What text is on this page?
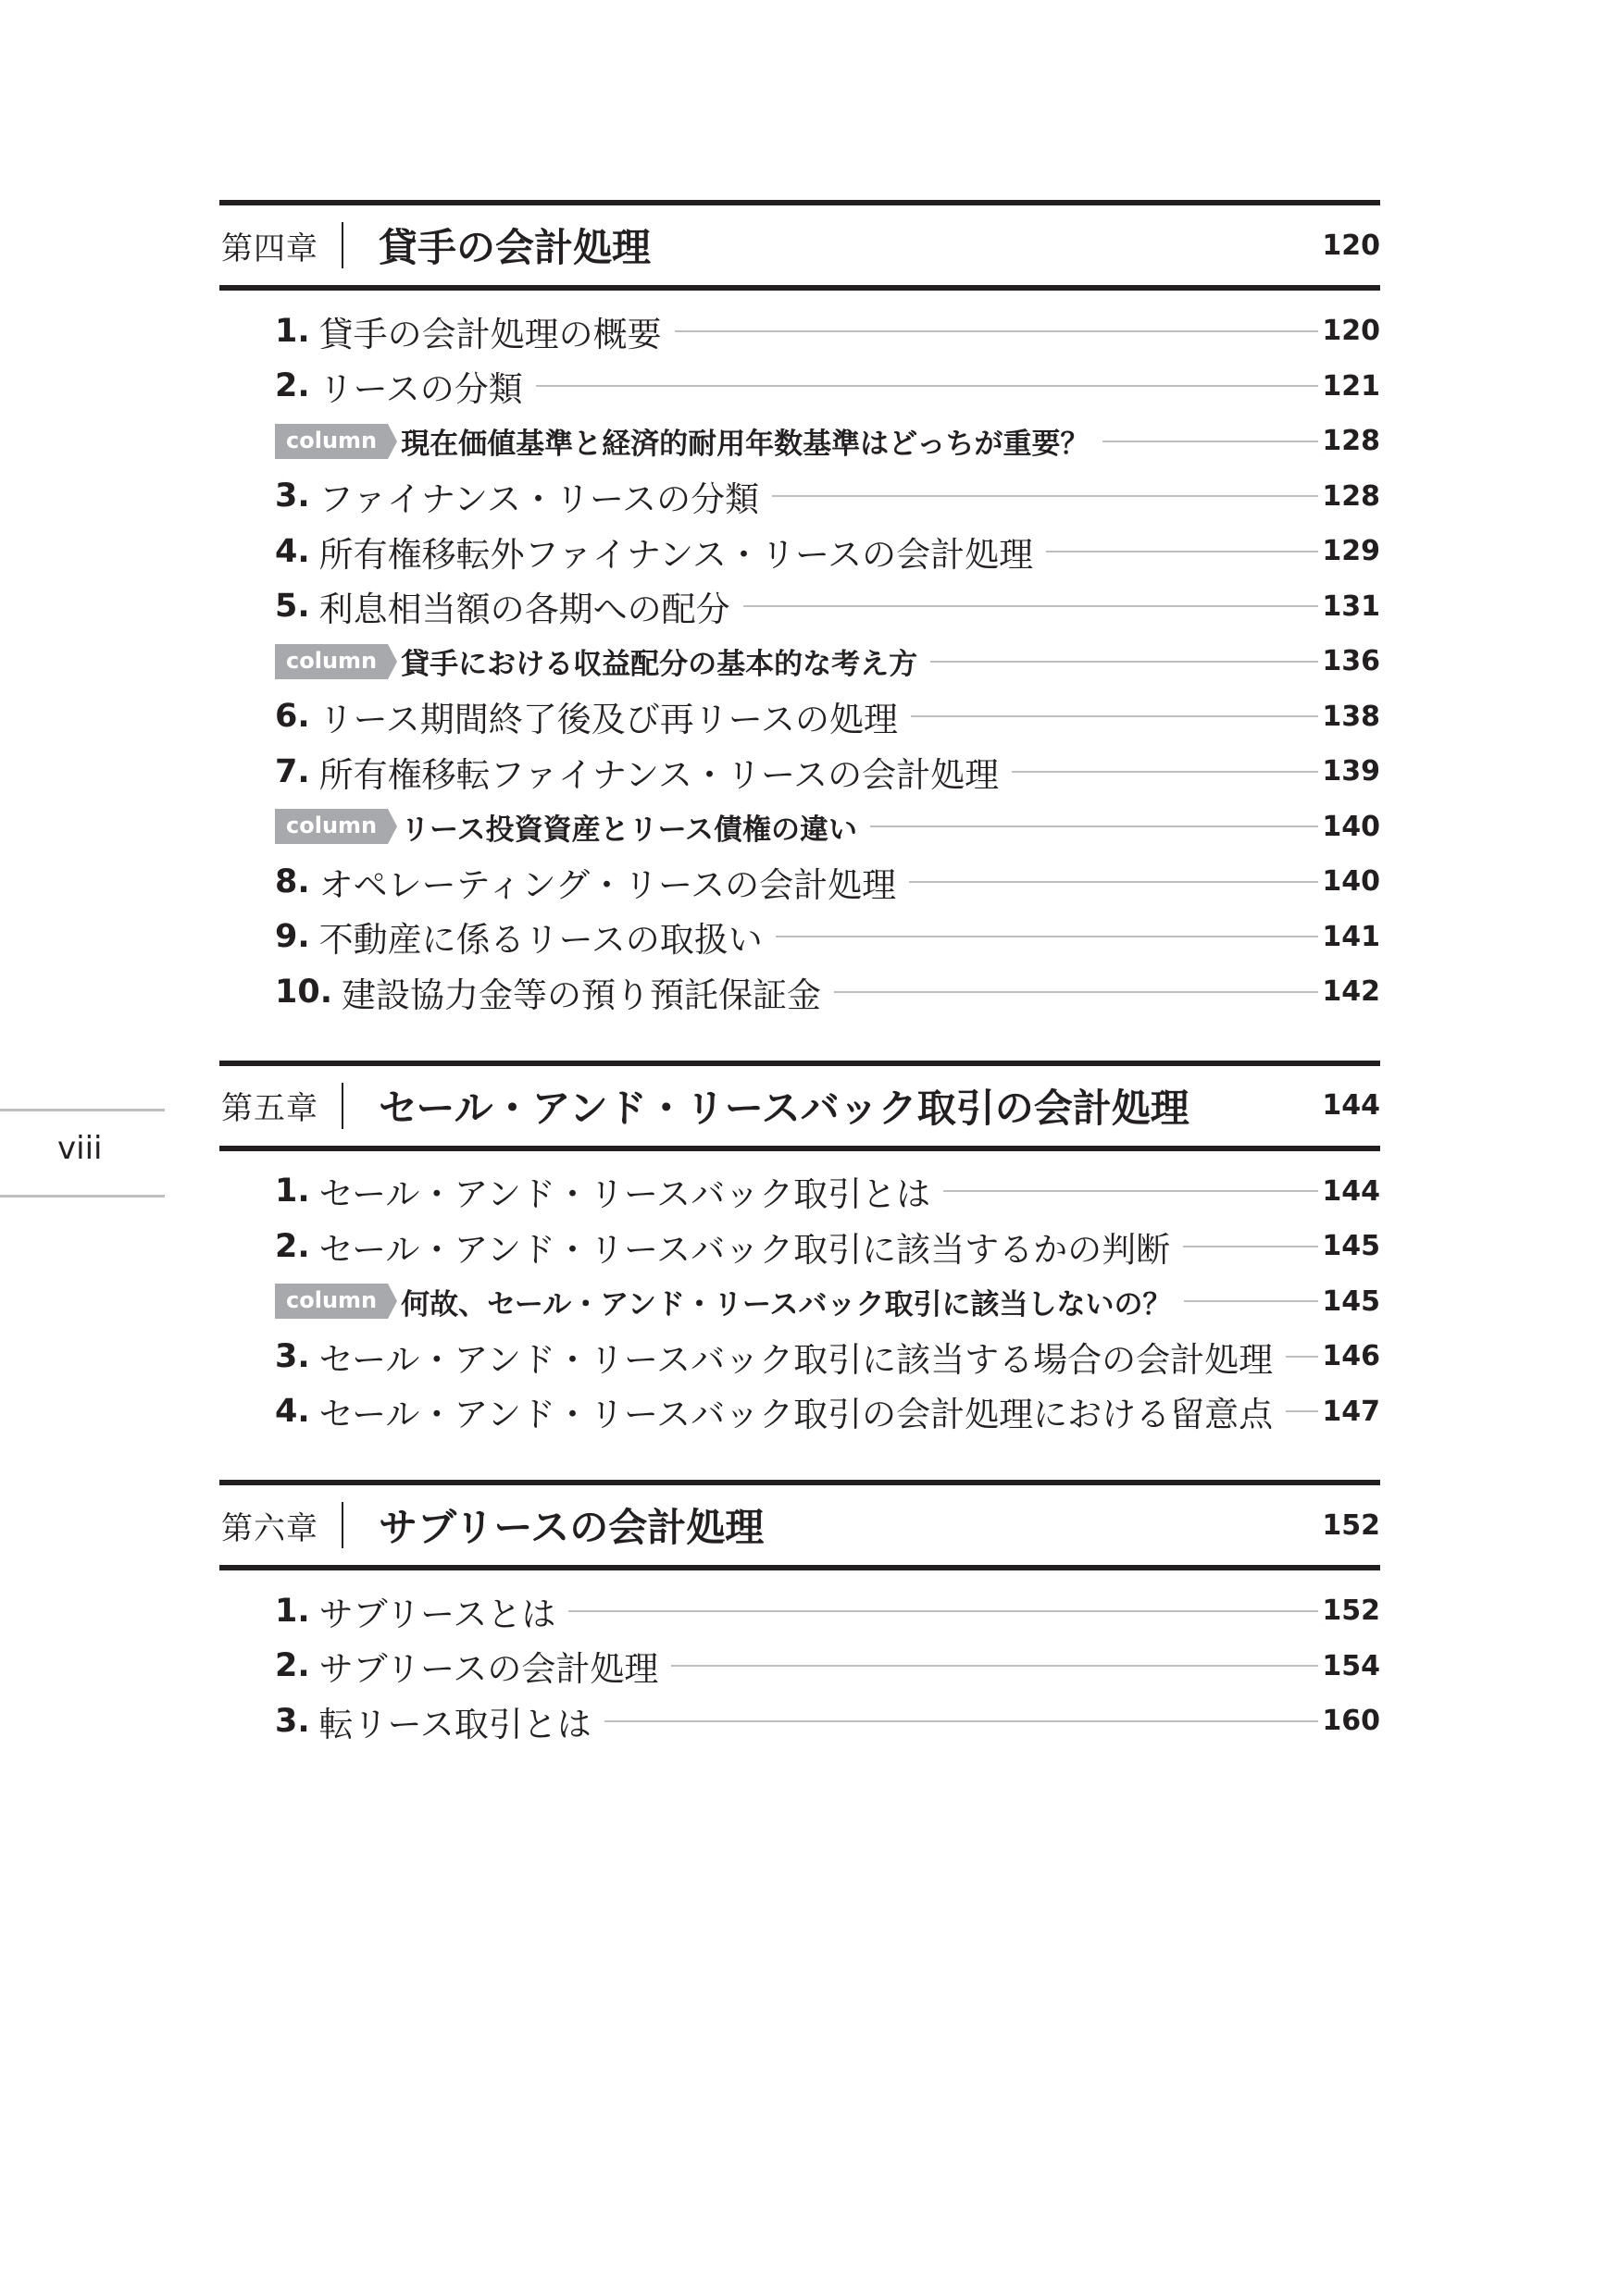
viii
第四章	貸手の会計処理	120
1. 貸手の会計処理の概要	120
2. リースの分類	121
column 現在価値基準と経済的耐用年数基準はどっちが重要？	128
3. ファイナンス・リースの分類	128
4. 所有権移転外ファイナンス・リースの会計処理	129
5. 利息相当額の各期への配分	131
column 貸手における収益配分の基本的な考え方	136
6. リース期間終了後及び再リースの処理	138
7. 所有権移転ファイナンス・リースの会計処理	139
column リース投資資産とリース債権の違い	140
8. オペレーティング・リースの会計処理	140
9. 不動産に係るリースの取扱い	141
10. 建設協力金等の預り預託保証金	142
第五章	セール・アンド・リースバック取引の会計処理	144
1. セール・アンド・リースバック取引とは	144
2. セール・アンド・リースバック取引に該当するかの判断	145
column 何故、セール・アンド・リースバック取引に該当しないの？	145
3. セール・アンド・リースバック取引に該当する場合の会計処理 146
4. セール・アンド・リースバック取引の会計処理における留意点 147
第六章	サブリースの会計処理	152
1. サブリースとは	152
2. サブリースの会計処理	154
3. 転リース取引とは	160
